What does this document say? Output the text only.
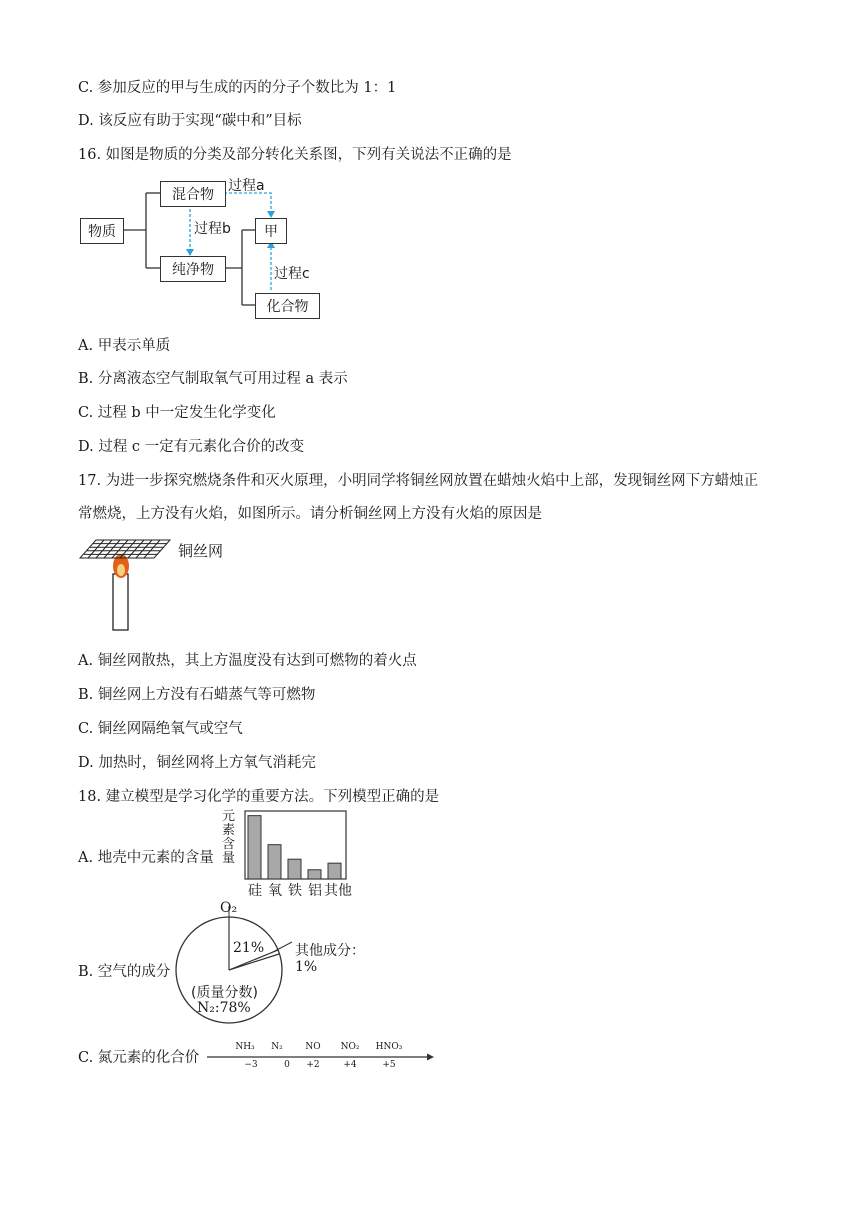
C. 参加反应的甲与生成的丙的分子个数比为 1：1
D. 该反应有助于实现“碳中和”目标
16. 如图是物质的分类及部分转化关系图，下列有关说法不正确的是
物质
混合物
纯净物
甲
化合物
过程a
过程b
过程c
A. 甲表示单质
B. 分离液态空气制取氧气可用过程 a 表示
C. 过程 b 中一定发生化学变化
D. 过程 c 一定有元素化合价的改变
17. 为进一步探究燃烧条件和灭火原理，小明同学将铜丝网放置在蜡烛火焰中上部，发现铜丝网下方蜡烛正
常燃烧，上方没有火焰，如图所示。请分析铜丝网上方没有火焰的原因是
铜丝网
A. 铜丝网散热，其上方温度没有达到可燃物的着火点
B. 铜丝网上方没有石蜡蒸气等可燃物
C. 铜丝网隔绝氧气或空气
D. 加热时，铜丝网将上方氧气消耗完
18. 建立模型是学习化学的重要方法。下列模型正确的是
A. 地壳中元素的含量
元素含量
硅 氧 铁 铝 其他
B. 空气的成分
O₂
21% 其他成分：
1%
(质量分数)
N₂:78%
C. 氮元素的化合价
NH₃ N₂	NO NO₂ HNO₃
−3	0 +2	+4	+5
